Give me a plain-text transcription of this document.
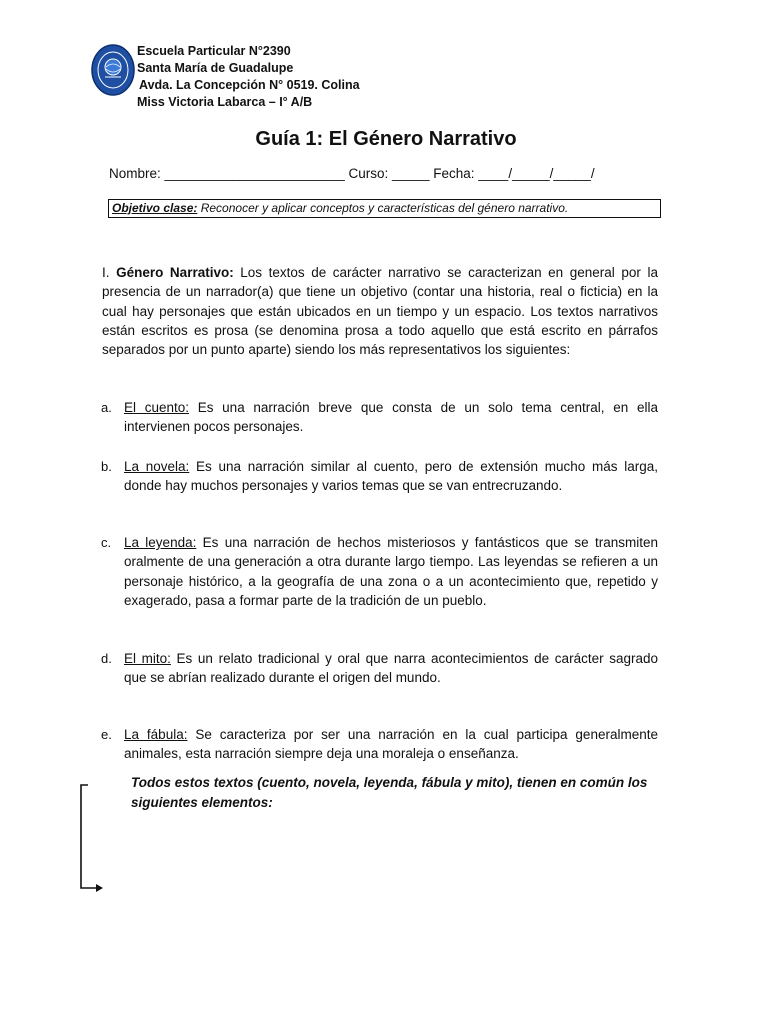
Escuela Particular N°2390
Santa María de Guadalupe
Avda. La Concepción N° 0519. Colina
Miss Victoria Labarca – I° A/B
Guía 1: El Género Narrativo
Nombre: ________________________ Curso: _____ Fecha: ____/_____/_____/
Objetivo clase: Reconocer y aplicar conceptos y características del género narrativo.
I. Género Narrativo: Los textos de carácter narrativo se caracterizan en general por la presencia de un narrador(a) que tiene un objetivo (contar una historia, real o ficticia) en la cual hay personajes que están ubicados en un tiempo y un espacio. Los textos narrativos están escritos es prosa (se denomina prosa a todo aquello que está escrito en párrafos separados por un punto aparte) siendo los más representativos los siguientes:
a. El cuento: Es una narración breve que consta de un solo tema central, en ella intervienen pocos personajes.
b. La novela: Es una narración similar al cuento, pero de extensión mucho más larga, donde hay muchos personajes y varios temas que se van entrecruzando.
c. La leyenda: Es una narración de hechos misteriosos y fantásticos que se transmiten oralmente de una generación a otra durante largo tiempo. Las leyendas se refieren a un personaje histórico, a la geografía de una zona o a un acontecimiento que, repetido y exagerado, pasa a formar parte de la tradición de un pueblo.
d. El mito: Es un relato tradicional y oral que narra acontecimientos de carácter sagrado que se abrían realizado durante el origen del mundo.
e. La fábula: Se caracteriza por ser una narración en la cual participa generalmente animales, esta narración siempre deja una moraleja o enseñanza.
Todos estos textos (cuento, novela, leyenda, fábula y mito), tienen en común los siguientes elementos:
